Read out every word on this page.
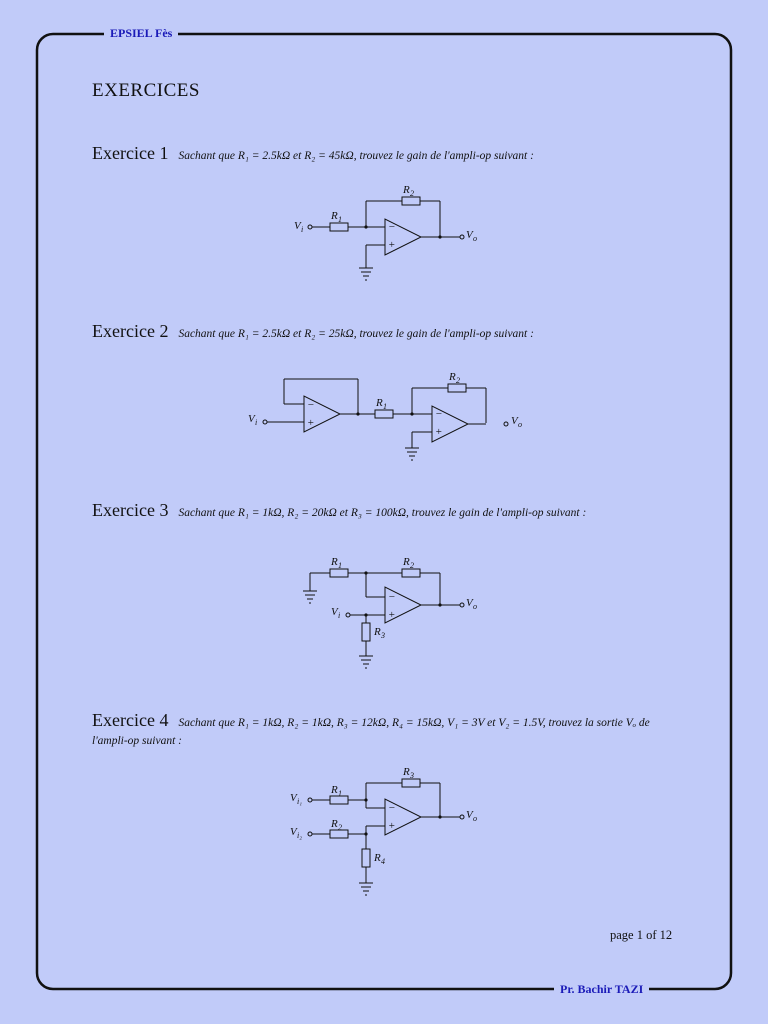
EPSIEL Fès
Pr. Bachir TAZI
EXERCICES
Exercice 1 Sachant que R₁ = 2.5kΩ et R₂ = 45kΩ, trouvez le gain de l'ampli-op suivant :
−
+
V i
R 1
R 2
V o
Exercice 2 Sachant que R₁ = 2.5kΩ et R₂ = 25kΩ, trouvez le gain de l'ampli-op suivant :
−
+
−
+
V i
R 1
R 2
V o
Exercice 3 Sachant que R₁ = 1kΩ, R₂ = 20kΩ et R₃ = 100kΩ, trouvez le gain de l'ampli-op suivant :
−
+
R 1	R 2
V i
R 3
V o
Exercice 4 Sachant que R₁ = 1kΩ, R₂ = 1kΩ, R₃ = 12kΩ, R₄ = 15kΩ, V₁ = 3V et V₂ = 1.5V, trouvez la sortie Vₒ de l'ampli-op suivant :
−
+
V i₁
V i₂
R 1
R 2
R 3
R 4
V o
page 1 of 12
